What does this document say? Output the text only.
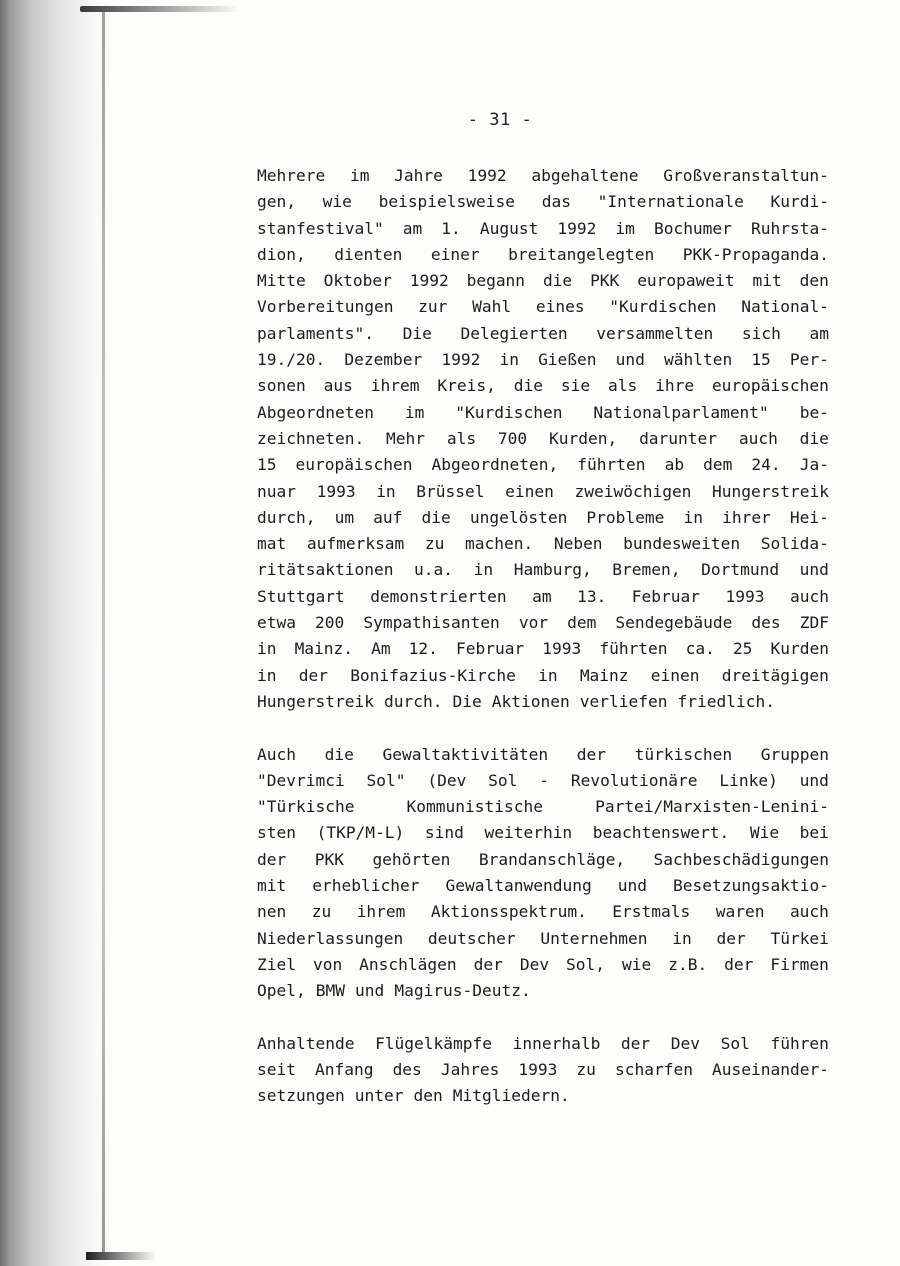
- 31 -
Mehrere im Jahre 1992 abgehaltene Großveranstaltun-
gen, wie beispielsweise das "Internationale Kurdi-
stanfestival" am 1. August 1992 im Bochumer Ruhrsta-
dion, dienten einer breitangelegten PKK-Propaganda.
Mitte Oktober 1992 begann die PKK europaweit mit den
Vorbereitungen zur Wahl eines "Kurdischen National-
parlaments". Die Delegierten versammelten sich am
19./20. Dezember 1992 in Gießen und wählten 15 Per-
sonen aus ihrem Kreis, die sie als ihre europäischen
Abgeordneten im "Kurdischen Nationalparlament" be-
zeichneten. Mehr als 700 Kurden, darunter auch die
15 europäischen Abgeordneten, führten ab dem 24. Ja-
nuar 1993 in Brüssel einen zweiwöchigen Hungerstreik
durch, um auf die ungelösten Probleme in ihrer Hei-
mat aufmerksam zu machen. Neben bundesweiten Solida-
ritätsaktionen u.a. in Hamburg, Bremen, Dortmund und
Stuttgart demonstrierten am 13. Februar 1993 auch
etwa 200 Sympathisanten vor dem Sendegebäude des ZDF
in Mainz. Am 12. Februar 1993 führten ca. 25 Kurden
in der Bonifazius-Kirche in Mainz einen dreitägigen
Hungerstreik durch. Die Aktionen verliefen friedlich.
Auch die Gewaltaktivitäten der türkischen Gruppen
"Devrimci Sol" (Dev Sol - Revolutionäre Linke) und
"Türkische	Kommunistische	Partei/Marxisten-Lenini-
sten (TKP/M-L) sind weiterhin beachtenswert. Wie bei
der PKK gehörten Brandanschläge, Sachbeschädigungen
mit erheblicher Gewaltanwendung und Besetzungsaktio-
nen zu ihrem Aktionsspektrum. Erstmals waren auch
Niederlassungen deutscher Unternehmen in der Türkei
Ziel von Anschlägen der Dev Sol, wie z.B. der Firmen
Opel, BMW und Magirus-Deutz.
Anhaltende Flügelkämpfe innerhalb der Dev Sol führen
seit Anfang des Jahres 1993 zu scharfen Auseinander-
setzungen unter den Mitgliedern.
